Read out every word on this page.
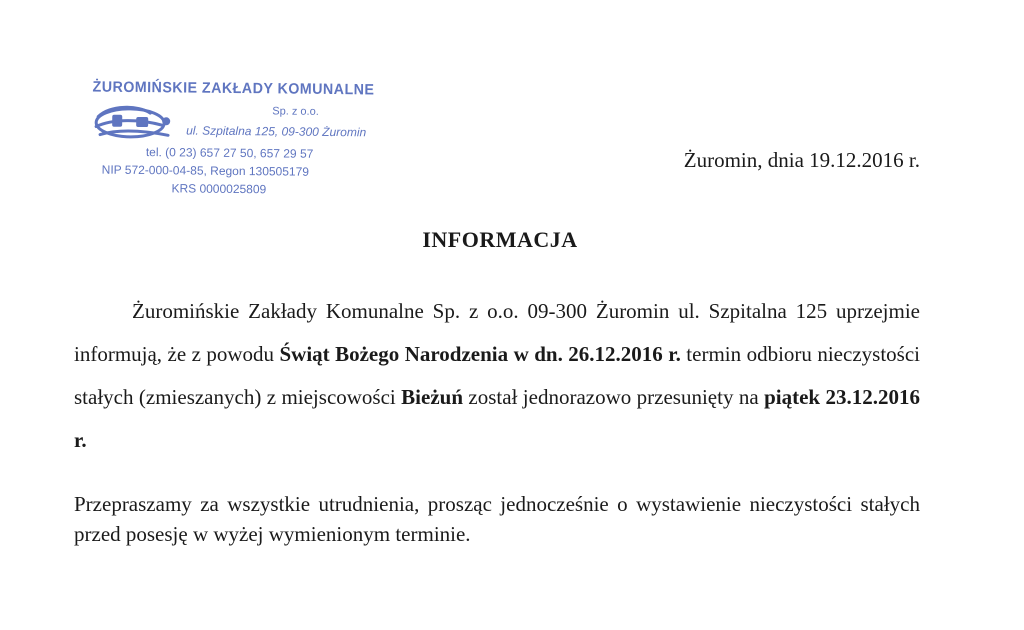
ŻUROMIŃSKIE ZAKŁADY KOMUNALNE
Sp. z o.o.
ul. Szpitalna 125, 09-300 Żuromin
tel. (0 23) 657 27 50, 657 29 57
NIP 572-000-04-85, Regon 130505179
KRS 0000025809
Żuromin, dnia 19.12.2016 r.
INFORMACJA
Żuromińskie Zakłady Komunalne Sp. z o.o. 09-300 Żuromin ul. Szpitalna 125 uprzejmie informują, że z powodu Świąt Bożego Narodzenia w dn. 26.12.2016 r. termin odbioru nieczystości stałych (zmieszanych) z miejscowości Bieżuń został jednorazowo przesunięty na piątek 23.12.2016 r.
Przepraszamy za wszystkie utrudnienia, prosząc jednocześnie o wystawienie nieczystości stałych przed posesję w wyżej wymienionym terminie.
